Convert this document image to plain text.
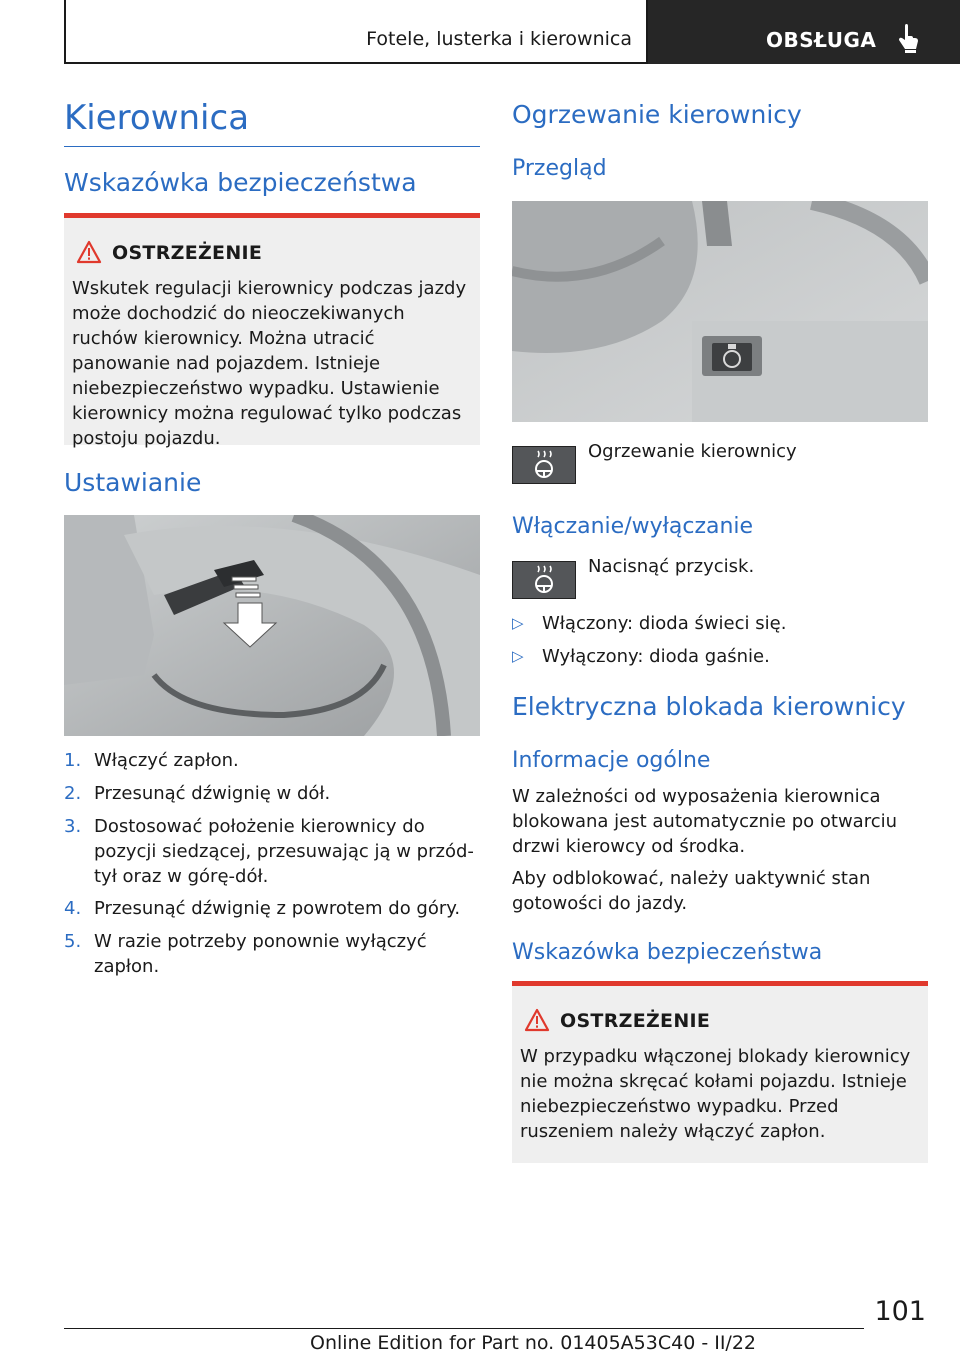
Fotele, lusterka i kierownica	OBSŁUGA
Kierownica
Wskazówka bezpieczeństwa
OSTRZEŻENIE
Wskutek regulacji kierownicy podczas jazdy może dochodzić do nieoczekiwanych ruchów kierownicy. Można utracić panowanie nad pojazdem. Istnieje niebezpieczeństwo wypadku. Ustawienie kierownicy można regulować tylko podczas postoju pojazdu.
Ustawianie
1. Włączyć zapłon.
2. Przesunąć dźwignię w dół.
3. Dostosować położenie kierownicy do pozycji siedzącej, przesuwając ją w przód-tył oraz w górę-dół.
4. Przesunąć dźwignię z powrotem do góry.
5. W razie potrzeby ponownie wyłączyć zapłon.
Ogrzewanie kierownicy
Przegląd
Ogrzewanie kierownicy
Włączanie/wyłączanie
Nacisnąć przycisk.
▷ Włączony: dioda świeci się.
▷ Wyłączony: dioda gaśnie.
Elektryczna blokada kierownicy
Informacje ogólne
W zależności od wyposażenia kierownica blokowana jest automatycznie po otwarciu drzwi kierowcy od środka.
Aby odblokować, należy uaktywnić stan gotowości do jazdy.
Wskazówka bezpieczeństwa
OSTRZEŻENIE
W przypadku włączonej blokady kierownicy nie można skręcać kołami pojazdu. Istnieje niebezpieczeństwo wypadku. Przed ruszeniem należy włączyć zapłon.
101
Online Edition for Part no. 01405A53C40 - II/22
